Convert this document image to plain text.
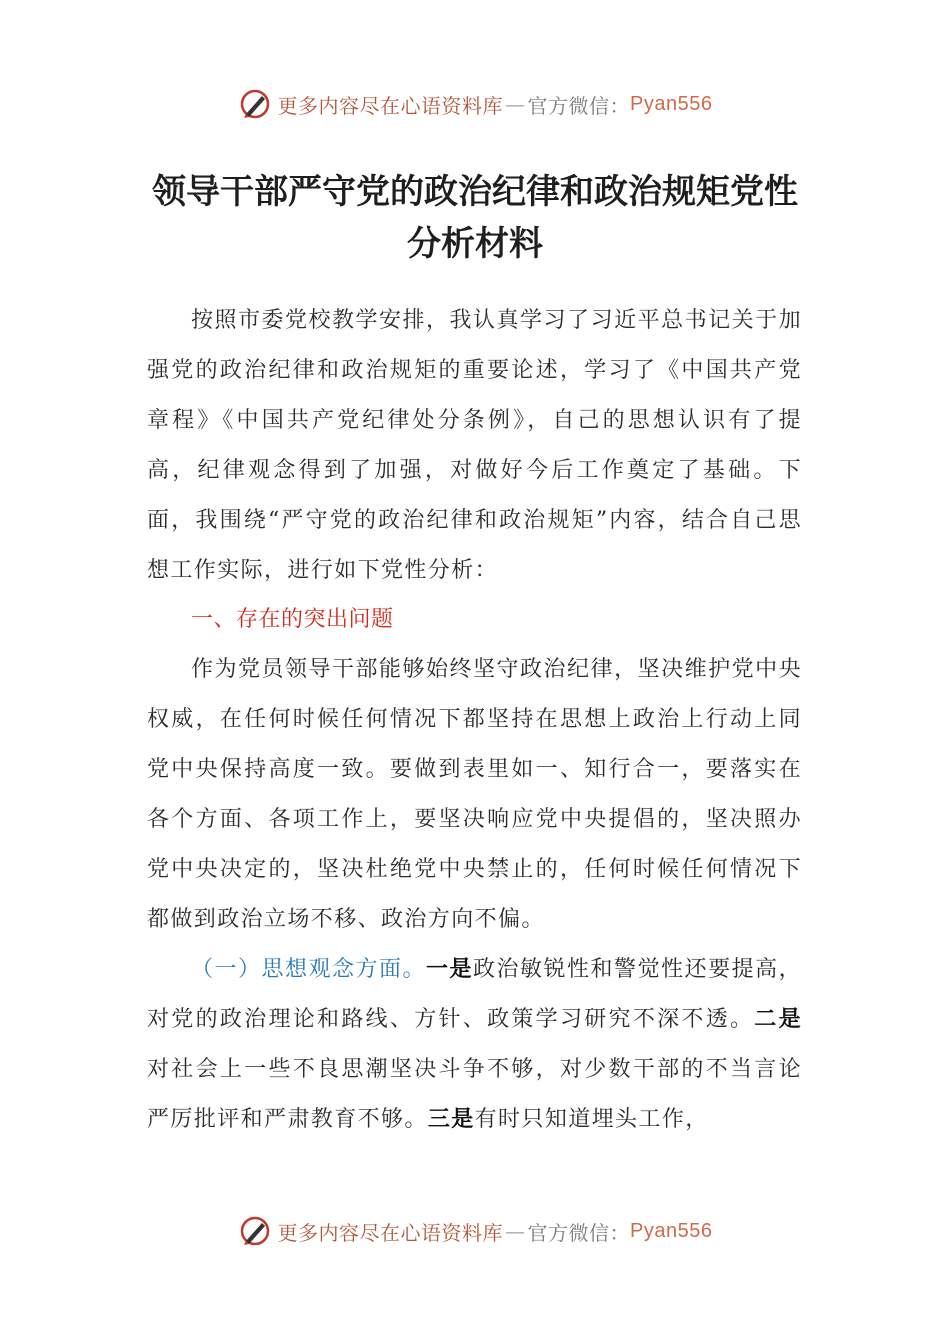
更多内容尽在心语资料库 — 官方微信： Pyan556
领导干部严守党的政治纪律和政治规矩党性
分析材料

按照市委党校教学安排，我认真学习了习近平总书记关于加强党的政治纪律和政治规矩的重要论述，学习了《中国共产党章程》《中国共产党纪律处分条例》，自己的思想认识有了提高，纪律观念得到了加强，对做好今后工作奠定了基础。下面，我围绕“严守党的政治纪律和政治规矩”内容，结合自己思想工作实际，进行如下党性分析：

一、存在的突出问题

作为党员领导干部能够始终坚守政治纪律，坚决维护党中央权威，在任何时候任何情况下都坚持在思想上政治上行动上同党中央保持高度一致。要做到表里如一、知行合一，要落实在各个方面、各项工作上，要坚决响应党中央提倡的，坚决照办党中央决定的，坚决杜绝党中央禁止的，任何时候任何情况下都做到政治立场不移、政治方向不偏。

（一）思想观念方面。一是政治敏锐性和警觉性还要提高，对党的政治理论和路线、方针、政策学习研究不深不透。二是对社会上一些不良思潮坚决斗争不够，对少数干部的不当言论严厉批评和严肃教育不够。三是有时只知道埋头工作，

更多内容尽在心语资料库 — 官方微信： Pyan556
